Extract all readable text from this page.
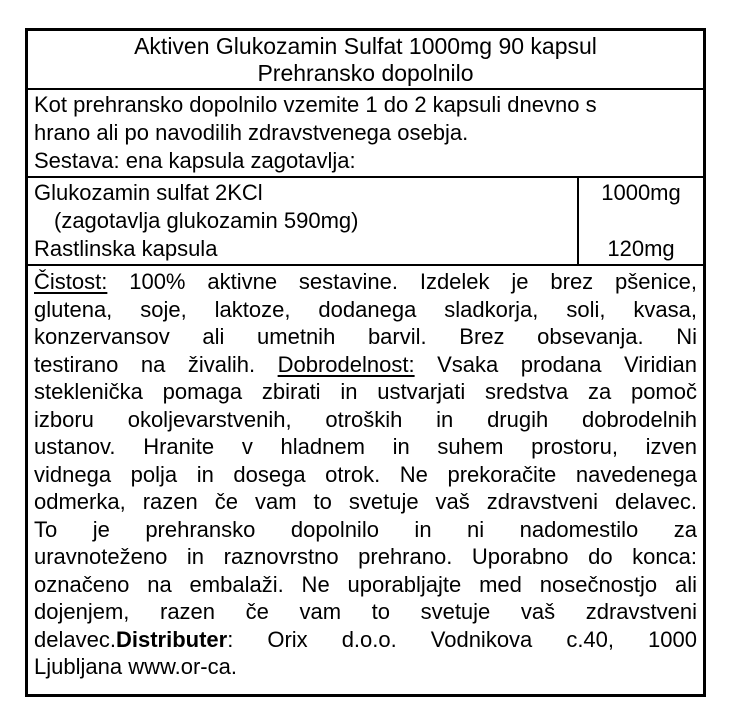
Aktiven Glukozamin Sulfat 1000mg 90 kapsul
Prehransko dopolnilo
Kot prehransko dopolnilo vzemite 1 do 2 kapsuli dnevno s
hrano ali po navodilih zdravstvenega osebja.
Sestava: ena kapsula zagotavlja:
Glukozamin sulfat 2KCl
(zagotavlja glukozamin 590mg)
Rastlinska kapsula
1000mg

120mg
Čistost: 100% aktivne sestavine. Izdelek je brez pšenice,
glutena, soje, laktoze, dodanega sladkorja, soli, kvasa,
konzervansov ali umetnih barvil. Brez obsevanja. Ni
testirano na živalih. Dobrodelnost: Vsaka prodana Viridian
steklenička pomaga zbirati in ustvarjati sredstva za pomoč
izboru okoljevarstvenih, otroških in drugih dobrodelnih
ustanov. Hranite v hladnem in suhem prostoru, izven
vidnega polja in dosega otrok. Ne prekoračite navedenega
odmerka, razen če vam to svetuje vaš zdravstveni delavec.
To je prehransko dopolnilo in ni nadomestilo za
uravnoteženo in raznovrstno prehrano. Uporabno do konca:
označeno na embalaži. Ne uporabljajte med nosečnostjo ali
dojenjem, razen če vam to svetuje vaš zdravstveni
delavec.Distributer: Orix d.o.o. Vodnikova c.40, 1000
Ljubljana www.or-ca.
